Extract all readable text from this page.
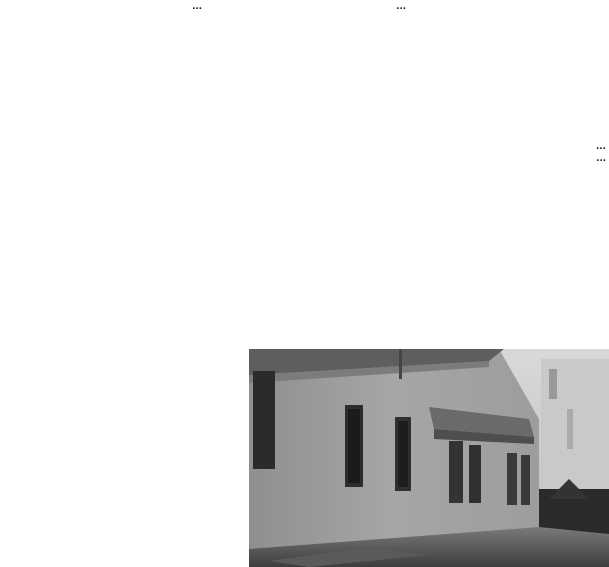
...	...

...

...
